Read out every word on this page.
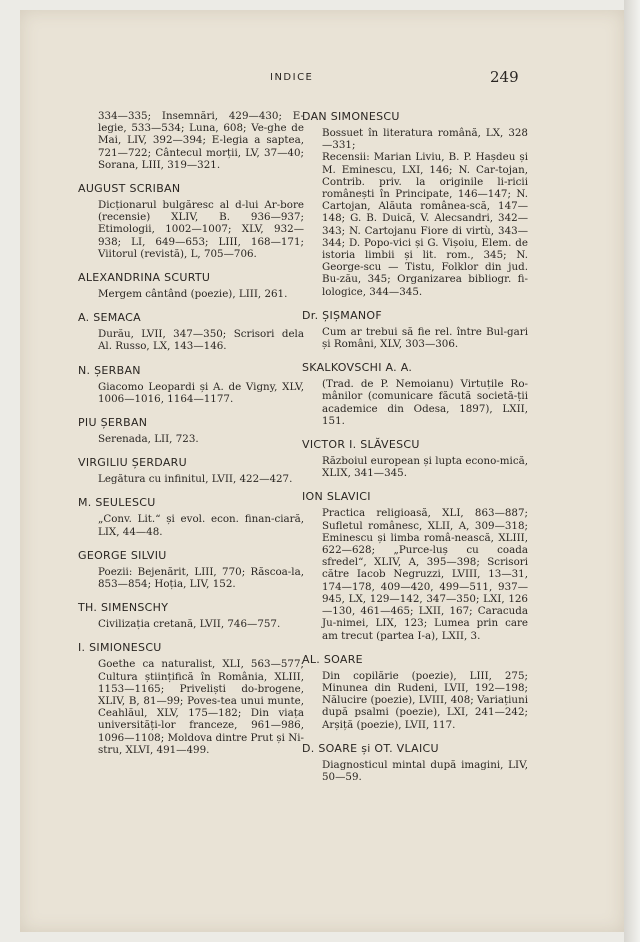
INDICE	249
334—335; Insemnări, 429—430; E-legie, 533—534; Luna, 608; Ve-ghe de Mai, LIV, 392—394; E-legia a saptea, 721—722; Cântecul morții, LV, 37—40; Sorana, LIII, 319—321.
AUGUST SCRIBAN
Dicționarul bulgăresc al d-lui Ar-bore (recensie) XLIV, B. 936—937; Etimologii, 1002—1007; XLV, 932—938; LI, 649—653; LIII, 168—171; Viitorul (revistă), L, 705—706.
ALEXANDRINA SCURTU
Mergem cântând (poezie), LIII, 261.
A. SEMACA
Durău, LVII, 347—350; Scrisori dela Al. Russo, LX, 143—146.
N. ȘERBAN
Giacomo Leopardi și A. de Vigny, XLV, 1006—1016, 1164—1177.
PIU ȘERBAN
Serenada, LII, 723.
VIRGILIU ȘERDARU
Legătura cu infinitul, LVII, 422—427.
M. SEULESCU
„Conv. Lit.“ și evol. econ. finan-ciară, LIX, 44—48.
GEORGE SILVIU
Poezii: Bejenărit, LIII, 770; Răscoa-la, 853—854; Hoția, LIV, 152.
TH. SIMENSCHY
Civilizația cretană, LVII, 746—757.
I. SIMIONESCU
Goethe ca naturalist, XLI, 563—577; Cultura științifică în România, XLIII, 1153—1165; Priveliști do-brogene, XLIV, B, 81—99; Poves-tea unui munte, Ceahlăul, XLV, 175—182; Din viața universități-lor franceze, 961—986, 1096—1108; Moldova dintre Prut și Ni-stru, XLVI, 491—499.
DAN SIMONESCU
Bossuet în literatura română, LX, 328—331;
Recensii: Marian Liviu, B. P. Hașdeu și M. Eminescu, LXI, 146; N. Car-tojan, Contrib. priv. la originile li-ricii românești în Principate, 146—147; N. Cartojan, Alăuta românea-scă, 147—148; G. B. Duică, V. Alecsandri, 342—343; N. Cartojanu Fiore di virtù, 343—344; D. Popo-vici și G. Vișoiu, Elem. de istoria limbii și lit. rom., 345; N. George-scu — Tistu, Folklor din jud. Bu-zău, 345; Organizarea bibliogr. fi-lologice, 344—345.
Dr. ȘIȘMANOF
Cum ar trebui să fie rel. între Bul-gari și Români, XLV, 303—306.
SKALKOVSCHI A. A.
(Trad. de P. Nemoianu) Virtuțile Ro-mânilor (comunicare făcută societă-ții academice din Odesa, 1897), LXII, 151.
VICTOR I. SLĂVESCU
Războiul european și lupta econo-mică, XLIX, 341—345.
ION SLAVICI
Practica religioasă, XLI, 863—887; Sufletul românesc, XLII, A, 309—318; Eminescu și limba româ-nească, XLIII, 622—628; „Purce-luș cu coada sfredel“, XLIV, A, 395—398; Scrisori către Iacob Negruzzi, LVIII, 13—31, 174—178, 409—420, 499—511, 937—945, LX, 129—142, 347—350; LXI, 126—130, 461—465; LXII, 167; Caracuda Ju-nimei, LIX, 123; Lumea prin care am trecut (partea I-a), LXII, 3.
AL. SOARE
Din copilărie (poezie), LIII, 275; Minunea din Rudeni, LVII, 192—198; Nălucire (poezie), LVIII, 408; Variațiuni după psalmi (poezie), LXI, 241—242; Arșiță (poezie), LVII, 117.
D. SOARE și OT. VLAICU
Diagnosticul mintal după imagini, LIV, 50—59.
